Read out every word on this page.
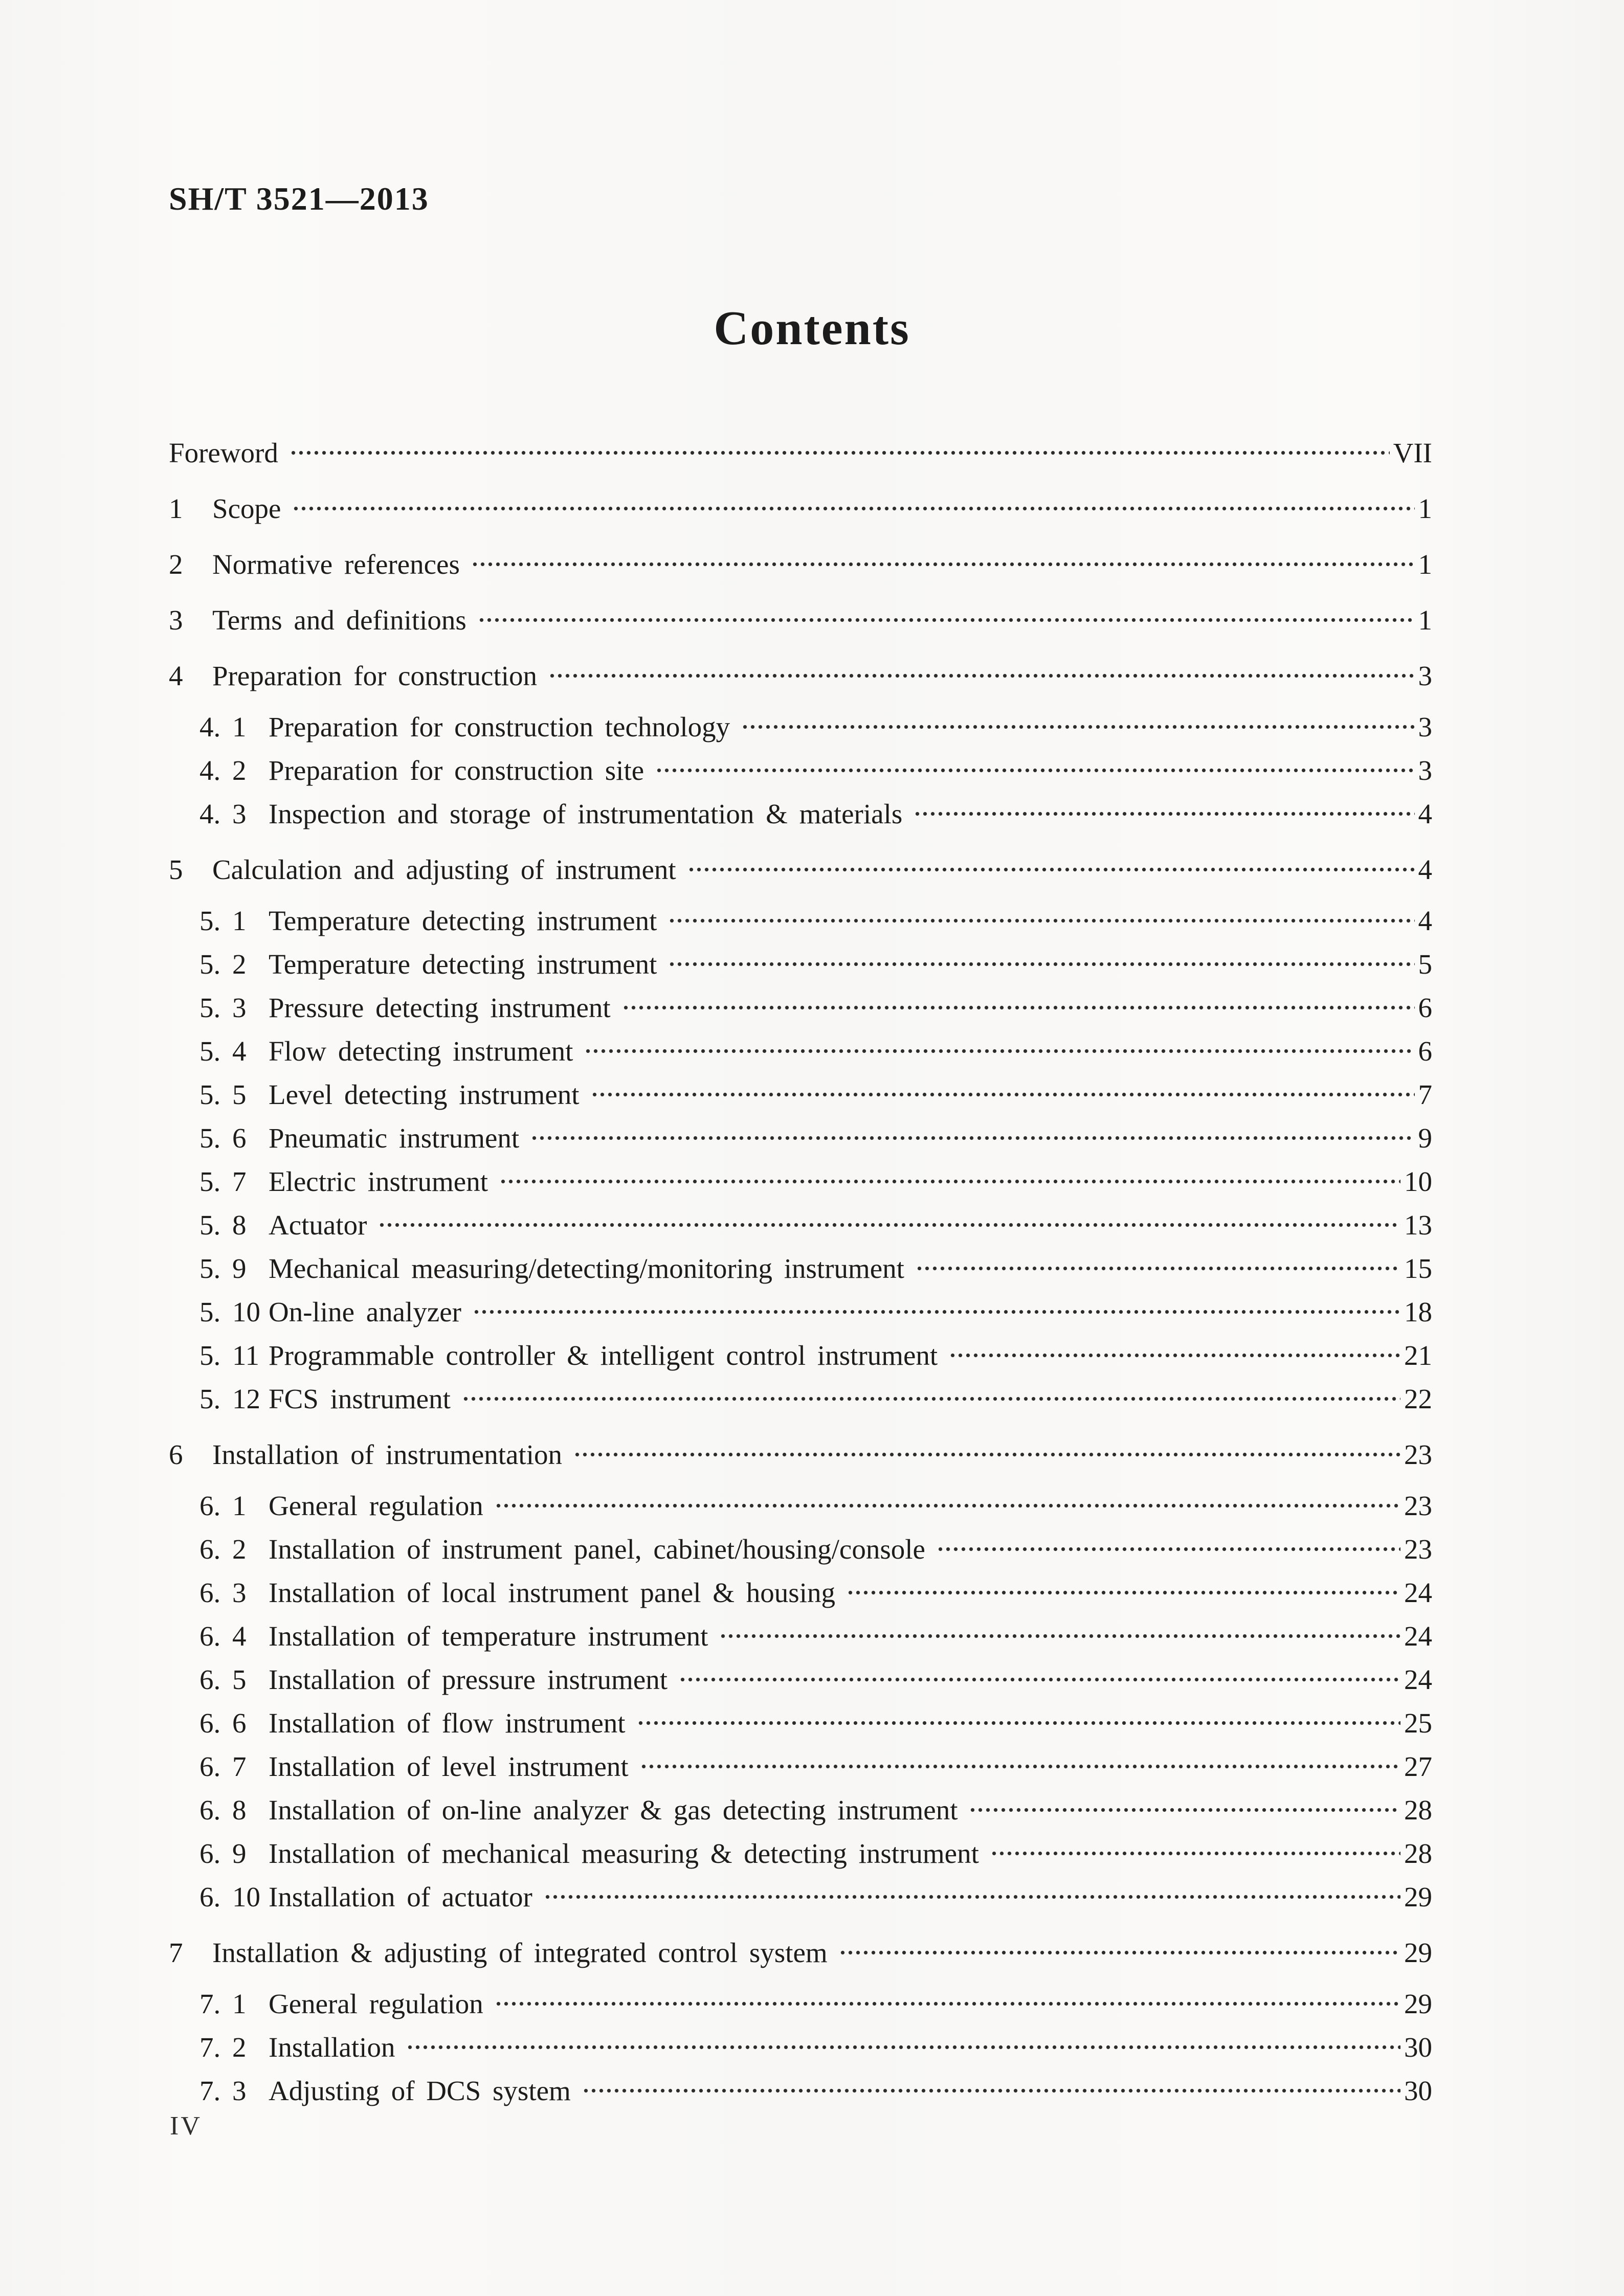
SH/T 3521—2013
Contents
Foreword	VII
1	Scope	1
2	Normative references	1
3	Terms and definitions	1
4	Preparation for construction	3
4. 1 Preparation for construction technology	3
4. 2 Preparation for construction site	3
4. 3 Inspection and storage of instrumentation & materials	4
5	Calculation and adjusting of instrument	4
5. 1 Temperature detecting instrument	4
5. 2 Temperature detecting instrument	5
5. 3 Pressure detecting instrument	6
5. 4 Flow detecting instrument	6
5. 5 Level detecting instrument	7
5. 6 Pneumatic instrument	9
5. 7 Electric instrument	10
5. 8 Actuator	13
5. 9 Mechanical measuring/detecting/monitoring instrument	15
5. 10 On-line analyzer	18
5. 11 Programmable controller & intelligent control instrument	21
5. 12 FCS instrument	22
6	Installation of instrumentation	23
6. 1 General regulation	23
6. 2 Installation of instrument panel, cabinet/housing/console	23
6. 3 Installation of local instrument panel & housing	24
6. 4 Installation of temperature instrument	24
6. 5 Installation of pressure instrument	24
6. 6 Installation of flow instrument	25
6. 7 Installation of level instrument	27
6. 8 Installation of on-line analyzer & gas detecting instrument	28
6. 9 Installation of mechanical measuring & detecting instrument	28
6. 10 Installation of actuator	29
7	Installation & adjusting of integrated control system	29
7. 1 General regulation	29
7. 2 Installation	30
7. 3 Adjusting of DCS system	30
IV
